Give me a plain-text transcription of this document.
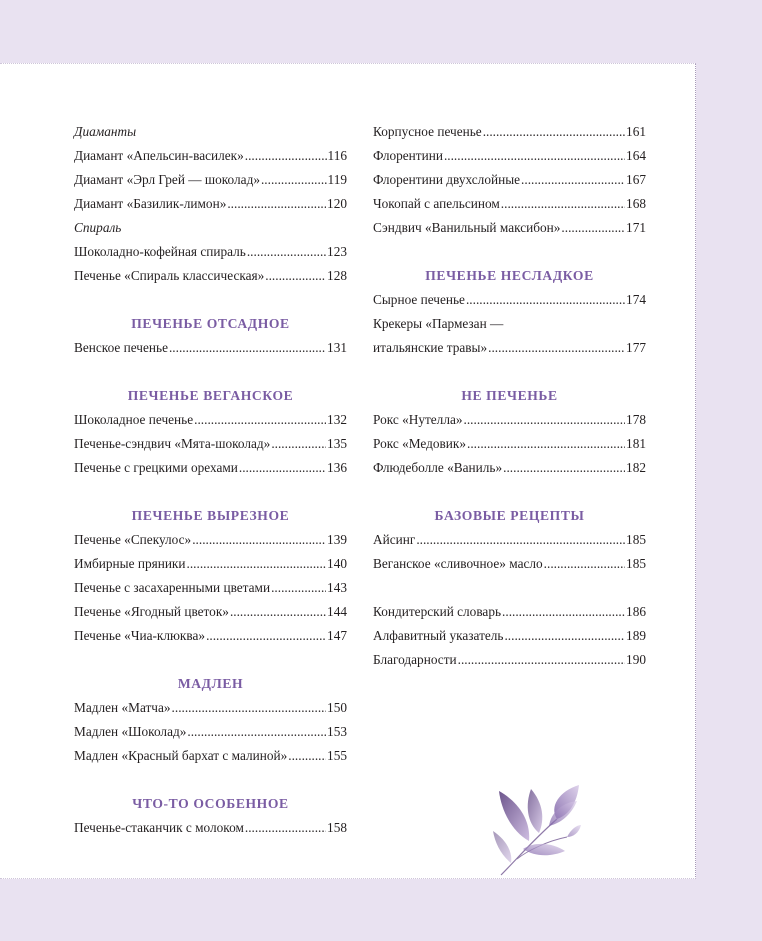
Диаманты
Диамант «Апельсин-василек» .....	116
Диамант «Эрл Грей — шоколад» .....	119
Диамант «Базилик-лимон» .....	120
Спираль
Шоколадно-кофейная спираль .....	123
Печенье «Спираль классическая» .....	128
ПЕЧЕНЬЕ ОТСАДНОЕ
Венское печенье .....	131
ПЕЧЕНЬЕ ВЕГАНСКОЕ
Шоколадное печенье .....	132
Печенье-сэндвич «Мята-шоколад» .....	135
Печенье с грецкими орехами .....	136
ПЕЧЕНЬЕ ВЫРЕЗНОЕ
Печенье «Спекулос» .....	139
Имбирные пряники .....	140
Печенье с засахаренными цветами .....	143
Печенье «Ягодный цветок» .....	144
Печенье «Чиа-клюква» .....	147
МАДЛЕН
Мадлен «Матча» .....	150
Мадлен «Шоколад» .....	153
Мадлен «Красный бархат с малиной» .....	155
ЧТО-ТО ОСОБЕННОЕ
Печенье-стаканчик с молоком .....	158
Корпусное печенье .....	161
Флорентини .....	164
Флорентини двухслойные .....	167
Чокопай с апельсином .....	168
Сэндвич «Ванильный максибон» .....	171
ПЕЧЕНЬЕ НЕСЛАДКОЕ
Сырное печенье .....	174
Крекеры «Пармезан —
итальянские травы» .....	177
НЕ ПЕЧЕНЬЕ
Рокс «Нутелла» .....	178
Рокс «Медовик» .....	181
Флюдеболле «Ваниль» .....	182
БАЗОВЫЕ РЕЦЕПТЫ
Айсинг .....	185
Веганское «сливочное» масло .....	185
Кондитерский словарь .....	186
Алфавитный указатель .....	189
Благодарности .....	190
